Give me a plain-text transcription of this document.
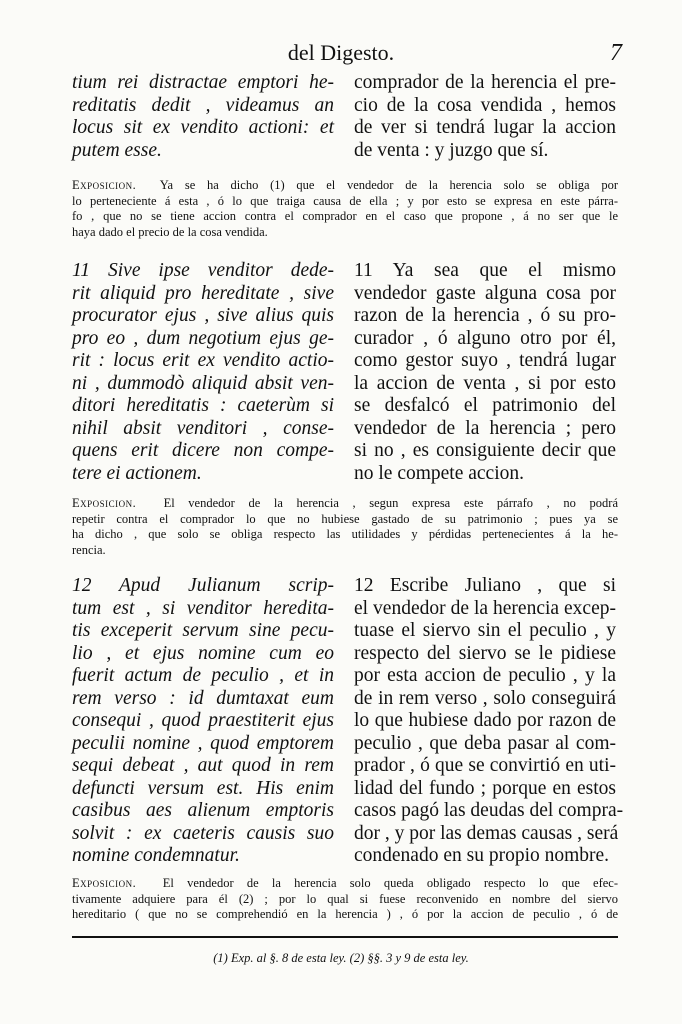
del Digesto.	7
tium rei distractae emptori he-
reditatis dedit , videamus an
locus sit ex vendito actioni: et
putem esse.
comprador de la herencia el pre-
cio de la cosa vendida , hemos
de ver si tendrá lugar la accion
de venta : y juzgo que sí.
Exposicion. Ya se ha dicho (1) que el vendedor de la herencia solo se obliga por
lo perteneciente á esta , ó lo que traiga causa de ella ; y por esto se expresa en este párra-
fo , que no se tiene accion contra el comprador en el caso que propone , á no ser que le
haya dado el precio de la cosa vendida.
11 Sive ipse venditor dede-
rit aliquid pro hereditate , sive
procurator ejus , sive alius quis
pro eo , dum negotium ejus ge-
rit : locus erit ex vendito actio-
ni , dummodò aliquid absit ven-
ditori hereditatis : caeterùm si
nihil absit venditori , conse-
quens erit dicere non compe-
tere ei actionem.
11 Ya sea que el mismo
vendedor gaste alguna cosa por
razon de la herencia , ó su pro-
curador , ó alguno otro por él,
como gestor suyo , tendrá lugar
la accion de venta , si por esto
se desfalcó el patrimonio del
vendedor de la herencia ; pero
si no , es consiguiente decir que
no le compete accion.
Exposicion. El vendedor de la herencia , segun expresa este párrafo , no podrá
repetir contra el comprador lo que no hubiese gastado de su patrimonio ; pues ya se
ha dicho , que solo se obliga respecto las utilidades y pérdidas pertenecientes á la he-
rencia.
12 Apud Julianum scrip-
tum est , si venditor heredita-
tis exceperit servum sine pecu-
lio , et ejus nomine cum eo
fuerit actum de peculio , et in
rem verso : id dumtaxat eum
consequi , quod praestiterit ejus
peculii nomine , quod emptorem
sequi debeat , aut quod in rem
defuncti versum est. His enim
casibus aes alienum emptoris
solvit : ex caeteris causis suo
nomine condemnatur.
12 Escribe Juliano , que si
el vendedor de la herencia excep-
tuase el siervo sin el peculio , y
respecto del siervo se le pidiese
por esta accion de peculio , y la
de in rem verso , solo conseguirá
lo que hubiese dado por razon de
peculio , que deba pasar al com-
prador , ó que se convirtió en uti-
lidad del fundo ; porque en estos
casos pagó las deudas del compra-
dor , y por las demas causas , será
condenado en su propio nombre.
Exposicion. El vendedor de la herencia solo queda obligado respecto lo que efec-
tivamente adquiere para él (2) ; por lo qual si fuese reconvenido en nombre del siervo
hereditario ( que no se comprehendió en la herencia ) , ó por la accion de peculio , ó de
(1) Exp. al §. 8 de esta ley. (2) §§. 3 y 9 de esta ley.
